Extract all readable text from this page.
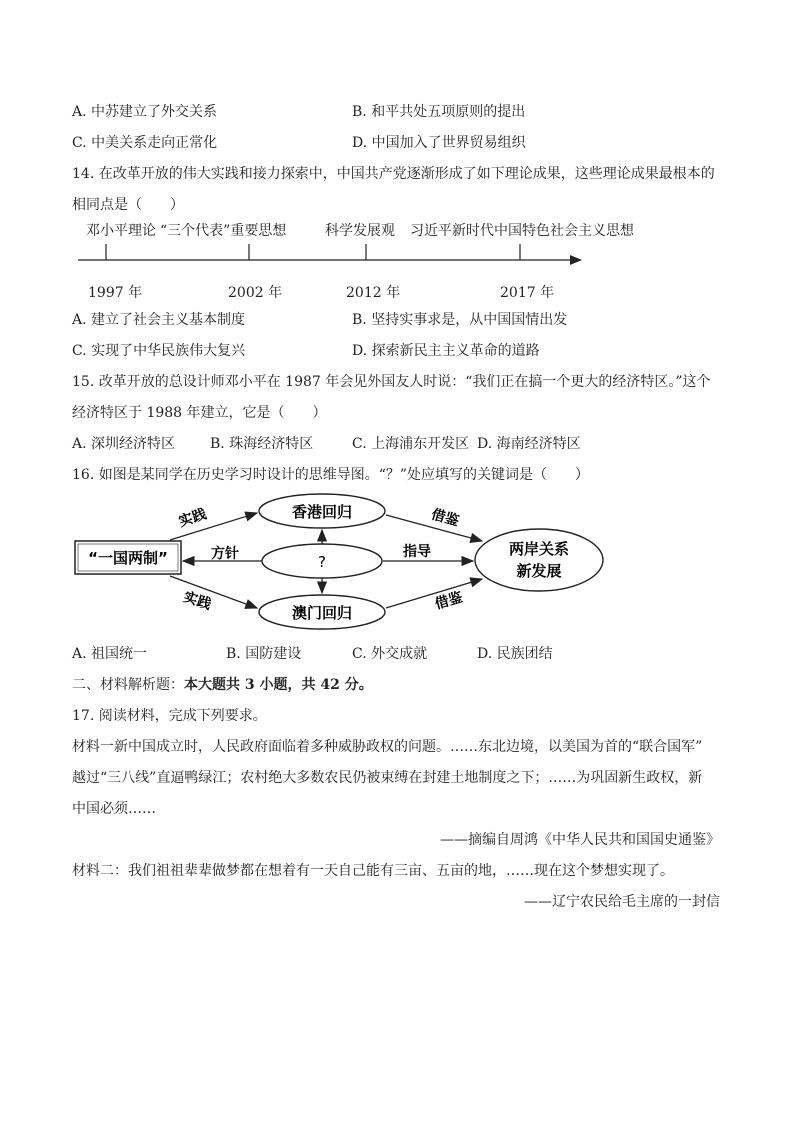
A. 中苏建立了外交关系	B. 和平共处五项原则的提出
C. 中美关系走向正常化	D. 中国加入了世界贸易组织
14. 在改革开放的伟大实践和接力探索中，中国共产党逐渐形成了如下理论成果，这些理论成果最根本的
相同点是（　　）
邓小平理论 “三个代表”重要思想	科学发展观 习近平新时代中国特色社会主义思想
1997 年	2002 年	2012 年	2017 年
A. 建立了社会主义基本制度	B. 坚持实事求是，从中国国情出发
C. 实现了中华民族伟大复兴	D. 探索新民主主义革命的道路
15. 改革开放的总设计师邓小平在 1987 年会见外国友人时说：“我们正在搞一个更大的经济特区。”这个
经济特区于 1988 年建立，它是（　　）
A. 深圳经济特区 B. 珠海经济特区	C. 上海浦东开发区 D. 海南经济特区
16. 如图是某同学在历史学习时设计的思维导图。“？”处应填写的关键词是（　　）
“一国两制”
香港回归
?
澳门回归
两岸关系
新发展
实践
方针
实践
借鉴
指导
借鉴
A. 祖国统一	B. 国防建设	C. 外交成就	D. 民族团结
二、材料解析题：本大题共 3 小题，共 42 分。
17. 阅读材料，完成下列要求。
材料一新中国成立时，人民政府面临着多种威胁政权的问题。……东北边境，以美国为首的“联合国军”
越过“三八线”直逼鸭绿江；农村绝大多数农民仍被束缚在封建土地制度之下；……为巩固新生政权，新
中国必须……
——摘编自周鸿《中华人民共和国国史通鉴》
材料二：我们祖祖辈辈做梦都在想着有一天自己能有三亩、五亩的地，……现在这个梦想实现了。
——辽宁农民给毛主席的一封信
